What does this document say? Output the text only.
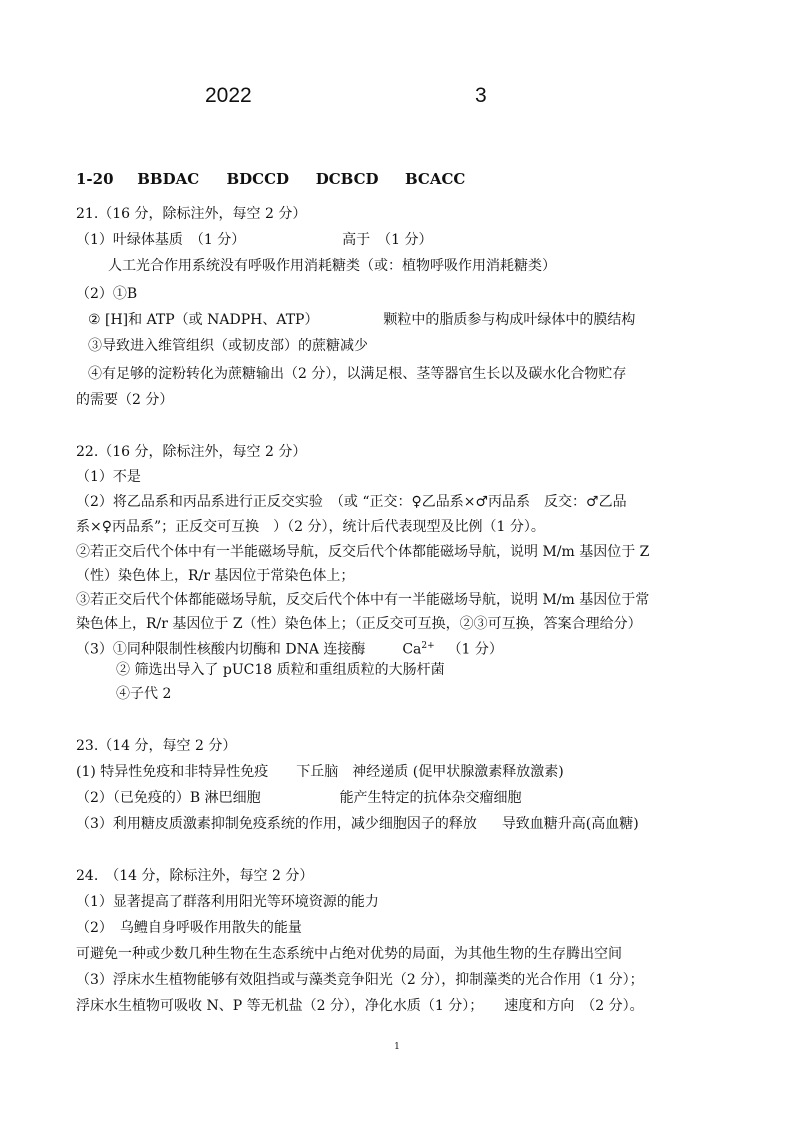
2022	3
1-20 BBDAC BDCCD DCBCD BCACC
21.（16 分，除标注外，每空 2 分）
（1）叶绿体基质　（1 分）	高于　（1 分）
人工光合作用系统没有呼吸作用消耗糖类（或：植物呼吸作用消耗糖类）
（2）①B
② [H]和 ATP（或 NADPH、ATP）	颗粒中的脂质参与构成叶绿体中的膜结构
③导致进入维管组织（或韧皮部）的蔗糖减少
④有足够的淀粉转化为蔗糖输出（2 分），以满足根、茎等器官生长以及碳水化合物贮存
的需要（2 分）
22.（16 分，除标注外，每空 2 分）
（1）不是
（2）将乙品系和丙品系进行正反交实验　（或 “正交：♀乙品系×♂丙品系　反交：♂乙品
系×♀丙品系”；正反交可互换　）（2 分），统计后代表现型及比例（1 分）。
②若正交后代个体中有一半能磁场导航，反交后代个体都能磁场导航，说明 M/m 基因位于 Z
（性）染色体上，R/r 基因位于常染色体上；
③若正交后代个体都能磁场导航，反交后代个体中有一半能磁场导航，说明 M/m 基因位于常
染色体上，R/r 基因位于 Z（性）染色体上；（正反交可互换，②③可互换，答案合理给分）
（3）①同种限制性核酸内切酶和 DNA 连接酶	$Ca^{2+}$ （1 分）
② 筛选出导入了 pUC18 质粒和重组质粒的大肠杆菌
④子代 2
23.（14 分，每空 2 分）
(1) 特异性免疫和非特异性免疫　　下丘脑　神经递质 (促甲状腺激素释放激素)
（2）（已免疫的）B 淋巴细胞	能产生特定的抗体杂交瘤细胞
（3）利用糖皮质激素抑制免疫系统的作用，减少细胞因子的释放 导致血糖升高(高血糖)
24.　（14 分，除标注外，每空 2 分）
（1）显著提高了群落利用阳光等环境资源的能力
（2）　乌鳢自身呼吸作用散失的能量
可避免一种或少数几种生物在生态系统中占绝对优势的局面，为其他生物的生存腾出空间
（3）浮床水生植物能够有效阻挡或与藻类竞争阳光（2 分），抑制藻类的光合作用（1 分）；
浮床水生植物可吸收 N、P 等无机盐（2 分），净化水质（1 分）；　　速度和方向　（2 分）。
1
